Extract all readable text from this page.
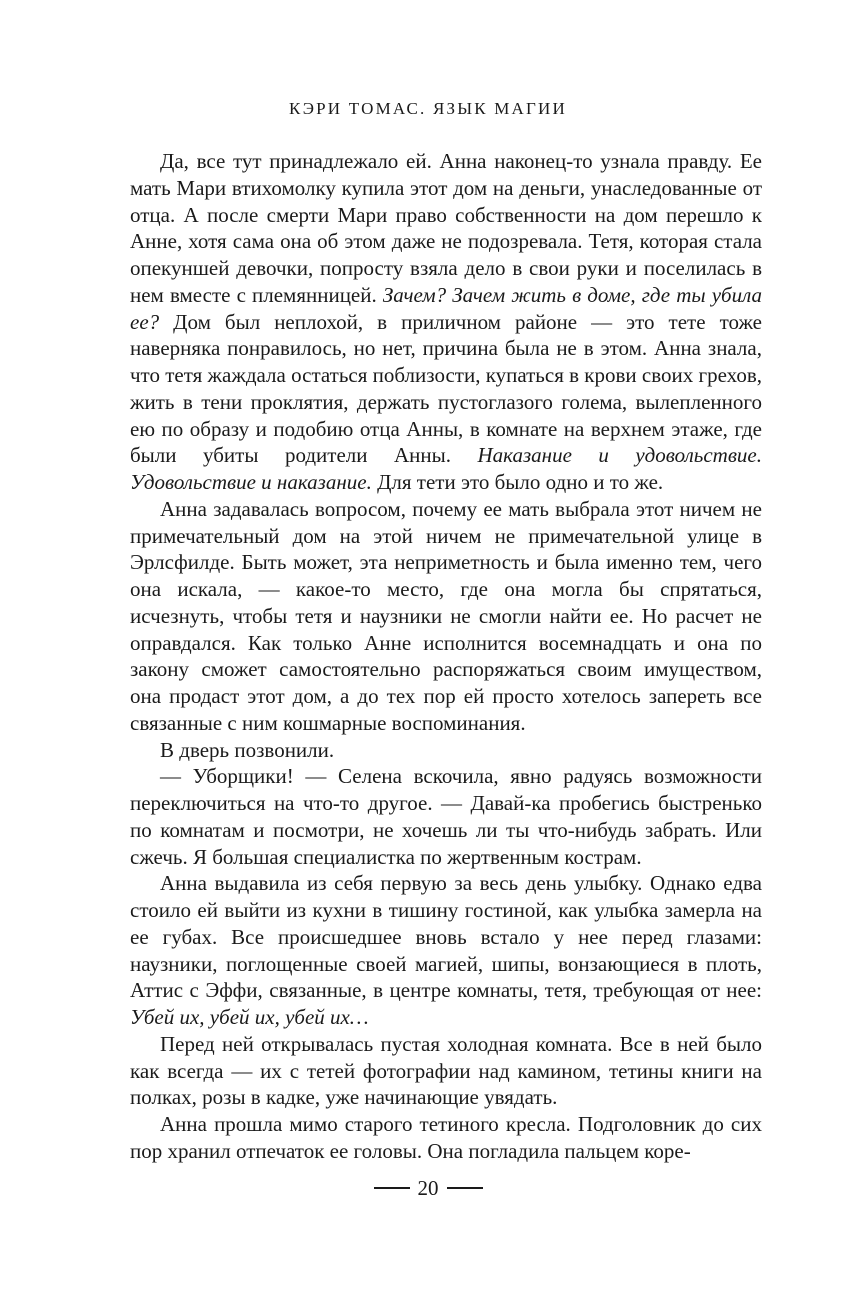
КЭРИ ТОМАС. ЯЗЫК МАГИИ

Да, все тут принадлежало ей. Анна наконец-то узнала правду. Ее мать Мари втихомолку купила этот дом на деньги, унаследованные от отца. А после смерти Мари право собственности на дом перешло к Анне, хотя сама она об этом даже не подозревала. Тетя, которая стала опекуншей девочки, попросту взяла дело в свои руки и поселилась в нем вместе с племянницей. Зачем? Зачем жить в доме, где ты убила ее? Дом был неплохой, в приличном районе — это тете тоже наверняка понравилось, но нет, причина была не в этом. Анна знала, что тетя жаждала остаться поблизости, купаться в крови своих грехов, жить в тени проклятия, держать пустоглазого голема, вылепленного ею по образу и подобию отца Анны, в комнате на верхнем этаже, где были убиты родители Анны. Наказание и удовольствие. Удовольствие и наказание. Для тети это было одно и то же.

Анна задавалась вопросом, почему ее мать выбрала этот ничем не примечательный дом на этой ничем не примечательной улице в Эрлсфилде. Быть может, эта неприметность и была именно тем, чего она искала, — какое-то место, где она могла бы спрятаться, исчезнуть, чтобы тетя и наузники не смогли найти ее. Но расчет не оправдался. Как только Анне исполнится восемнадцать и она по закону сможет самостоятельно распоряжаться своим имуществом, она продаст этот дом, а до тех пор ей просто хотелось запереть все связанные с ним кошмарные воспоминания.

В дверь позвонили.

— Уборщики! — Селена вскочила, явно радуясь возможности переключиться на что-то другое. — Давай-ка пробегись быстренько по комнатам и посмотри, не хочешь ли ты что-нибудь забрать. Или сжечь. Я большая специалистка по жертвенным кострам.

Анна выдавила из себя первую за весь день улыбку. Однако едва стоило ей выйти из кухни в тишину гостиной, как улыбка замерла на ее губах. Все происшедшее вновь встало у нее перед глазами: наузники, поглощенные своей магией, шипы, вонзающиеся в плоть, Аттис с Эффи, связанные, в центре комнаты, тетя, требующая от нее: Убей их, убей их, убей их…

Перед ней открывалась пустая холодная комната. Все в ней было как всегда — их с тетей фотографии над камином, тетины книги на полках, розы в кадке, уже начинающие увядать.

Анна прошла мимо старого тетиного кресла. Подголовник до сих пор хранил отпечаток ее головы. Она погладила пальцем коре-

20
